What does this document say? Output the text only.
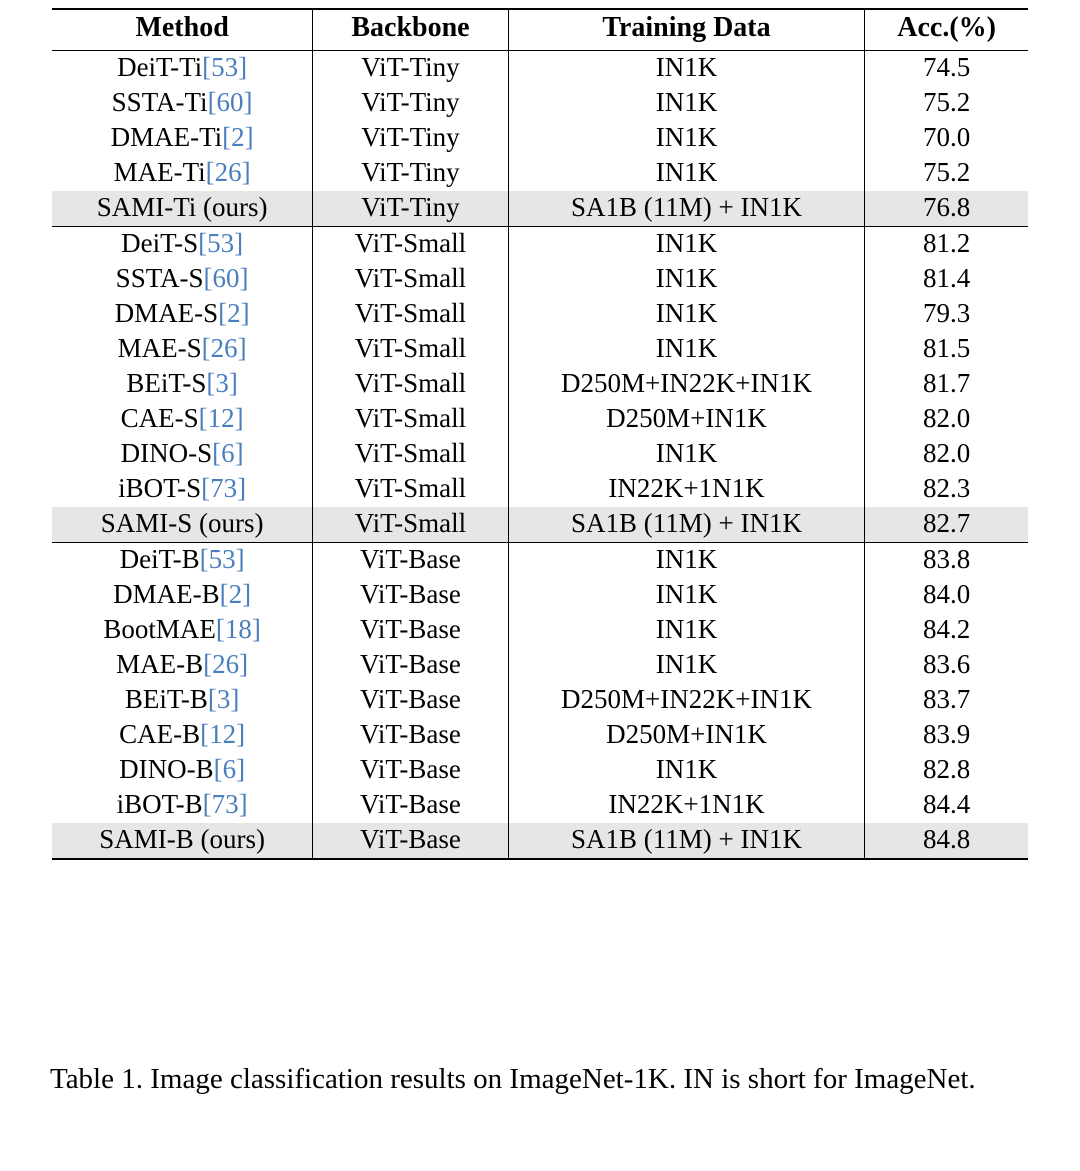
Method	Backbone	Training Data	Acc.(%)
DeiT-Ti[53]	ViT-Tiny	IN1K	74.5
SSTA-Ti[60]	ViT-Tiny	IN1K	75.2
DMAE-Ti[2]	ViT-Tiny	IN1K	70.0
MAE-Ti[26]	ViT-Tiny	IN1K	75.2
SAMI-Ti (ours)	ViT-Tiny	SA1B (11M) + IN1K	76.8
DeiT-S[53]	ViT-Small	IN1K	81.2
SSTA-S[60]	ViT-Small	IN1K	81.4
DMAE-S[2]	ViT-Small	IN1K	79.3
MAE-S[26]	ViT-Small	IN1K	81.5
BEiT-S[3]	ViT-Small	D250M+IN22K+IN1K	81.7
CAE-S[12]	ViT-Small	D250M+IN1K	82.0
DINO-S[6]	ViT-Small	IN1K	82.0
iBOT-S[73]	ViT-Small	IN22K+1N1K	82.3
SAMI-S (ours)	ViT-Small	SA1B (11M) + IN1K	82.7
DeiT-B[53]	ViT-Base	IN1K	83.8
DMAE-B[2]	ViT-Base	IN1K	84.0
BootMAE[18]	ViT-Base	IN1K	84.2
MAE-B[26]	ViT-Base	IN1K	83.6
BEiT-B[3]	ViT-Base	D250M+IN22K+IN1K	83.7
CAE-B[12]	ViT-Base	D250M+IN1K	83.9
DINO-B[6]	ViT-Base	IN1K	82.8
iBOT-B[73]	ViT-Base	IN22K+1N1K	84.4
SAMI-B (ours)	ViT-Base	SA1B (11M) + IN1K	84.8
Table 1. Image classification results on ImageNet-1K. IN is short for ImageNet.
